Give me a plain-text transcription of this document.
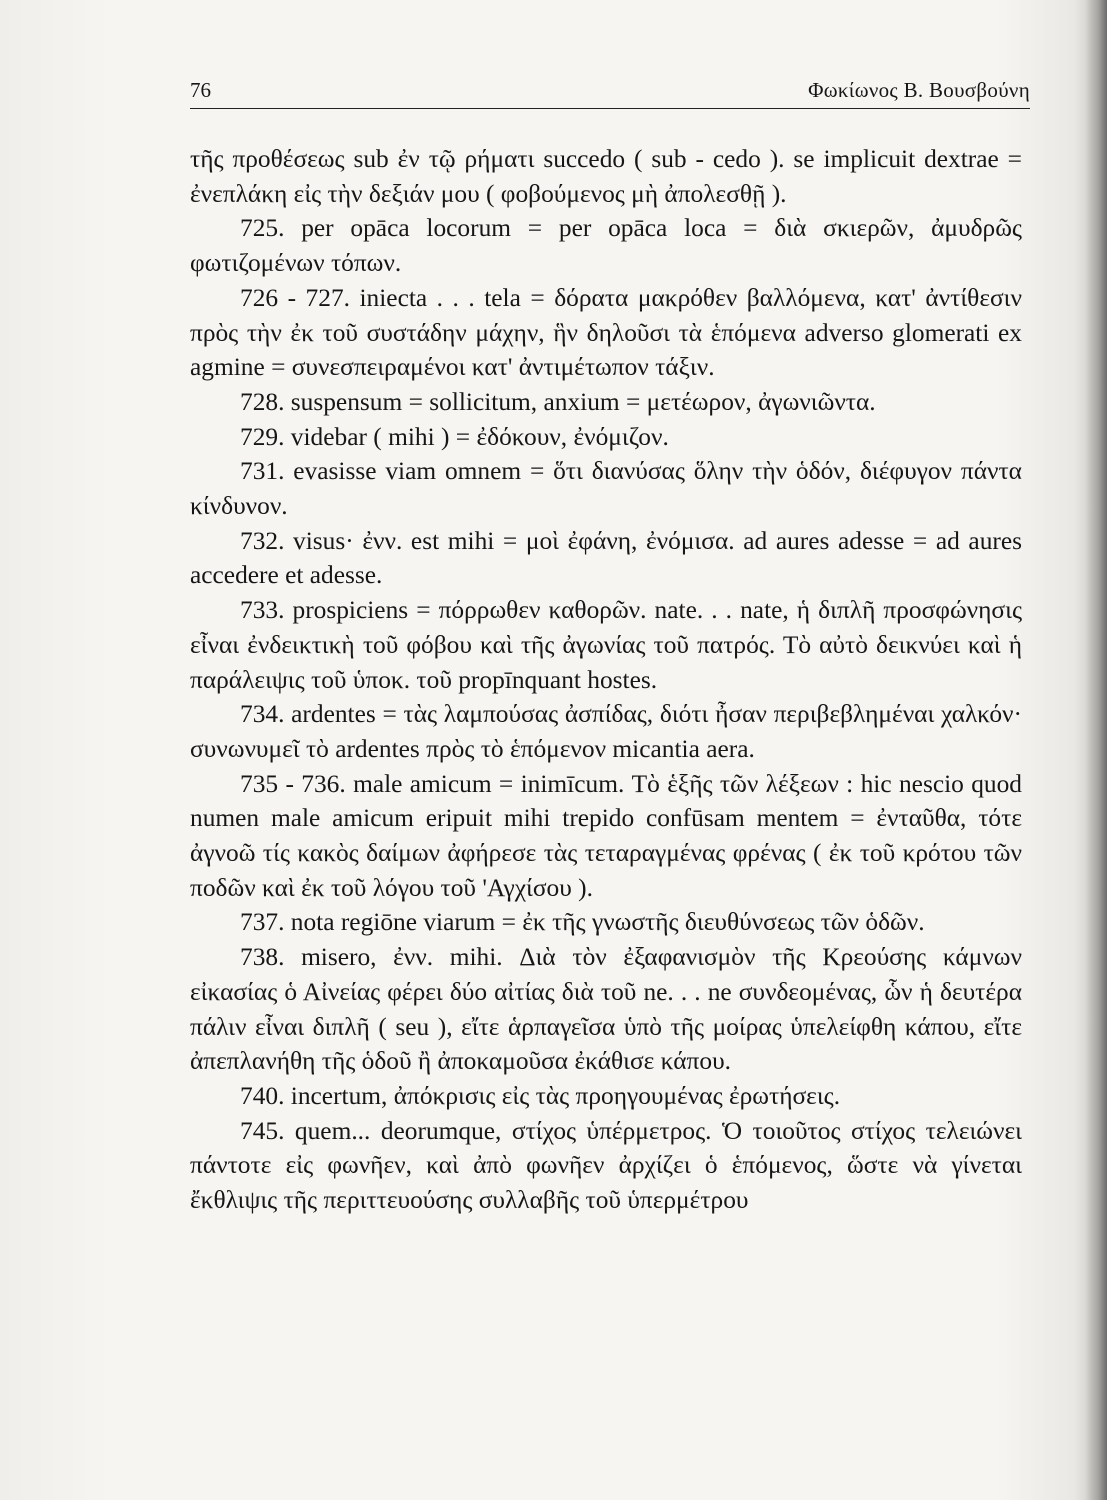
76	Φωκίωνος Β. Βουσβούνη

τῆς προθέσεως sub ἐν τῷ ρήματι succedo ( sub - cedo ). se implicuit dextrae = ἐνεπλάκη εἰς τὴν δεξιάν μου ( φοβούμενος μὴ ἀπολεσθῇ ).

725. per opāca locorum = per opāca loca = διὰ σκιερῶν, ἀμυδρῶς φωτιζομένων τόπων.

726 - 727. iniecta . . . tela = δόρατα μακρόθεν βαλλόμενα, κατ' ἀντίθεσιν πρὸς τὴν ἐκ τοῦ συστάδην μάχην, ἣν δηλοῦσι τὰ ἑπόμενα adverso glomerati ex agmine = συνεσπειραμένοι κατ' ἀντιμέτωπον τάξιν.

728. suspensum = sollicitum, anxium = μετέωρον, ἀγωνιῶντα.

729. videbar ( mihi ) = ἐδόκουν, ἐνόμιζον.

731. evasisse viam omnem = ὅτι διανύσας ὅλην τὴν ὁδόν, διέφυγον πάντα κίνδυνον.

732. visus· ἐνν. est mihi = μοὶ ἐφάνη, ἐνόμισα. ad aures adesse = ad aures accedere et adesse.

733. prospiciens = πόρρωθεν καθορῶν. nate. . . nate, ἡ διπλῆ προσφώνησις εἶναι ἐνδεικτικὴ τοῦ φόβου καὶ τῆς ἀγωνίας τοῦ πατρός. Τὸ αὐτὸ δεικνύει καὶ ἡ παράλειψις τοῦ ὑποκ. τοῦ propīnquant hostes.

734. ardentes = τὰς λαμπούσας ἀσπίδας, διότι ἦσαν περιβεβλημέναι χαλκόν· συνωνυμεῖ τὸ ardentes πρὸς τὸ ἑπόμενον micantia aera.

735 - 736. male amicum = inimīcum. Τὸ ἑξῆς τῶν λέξεων : hic nescio quod numen male amicum eripuit mihi trepido confūsam mentem = ἐνταῦθα, τότε ἀγνοῶ τίς κακὸς δαίμων ἀφήρεσε τὰς τεταραγμένας φρένας ( ἐκ τοῦ κρότου τῶν ποδῶν καὶ ἐκ τοῦ λόγου τοῦ 'Αγχίσου ).

737. nota regiōne viarum = ἐκ τῆς γνωστῆς διευθύνσεως τῶν ὁδῶν.

738. misero, ἐνν. mihi. Διὰ τὸν ἐξαφανισμὸν τῆς Κρεούσης κάμνων εἰκασίας ὁ Αἰνείας φέρει δύο αἰτίας διὰ τοῦ ne. . . ne συνδεομένας, ὧν ἡ δευτέρα πάλιν εἶναι διπλῆ ( seu ), εἴτε ἁρπαγεῖσα ὑπὸ τῆς μοίρας ὑπελείφθη κάπου, εἴτε ἀπεπλανήθη τῆς ὁδοῦ ἢ ἀποκαμοῦσα ἐκάθισε κάπου.

740. incertum, ἀπόκρισις εἰς τὰς προηγουμένας ἐρωτήσεις.

745. quem... deorumque, στίχος ὑπέρμετρος. Ὁ τοιοῦτος στίχος τελειώνει πάντοτε εἰς φωνῆεν, καὶ ἀπὸ φωνῆεν ἀρχίζει ὁ ἑπόμενος, ὥστε νὰ γίνεται ἔκθλιψις τῆς περιττευούσης συλλαβῆς τοῦ ὑπερμέτρου
